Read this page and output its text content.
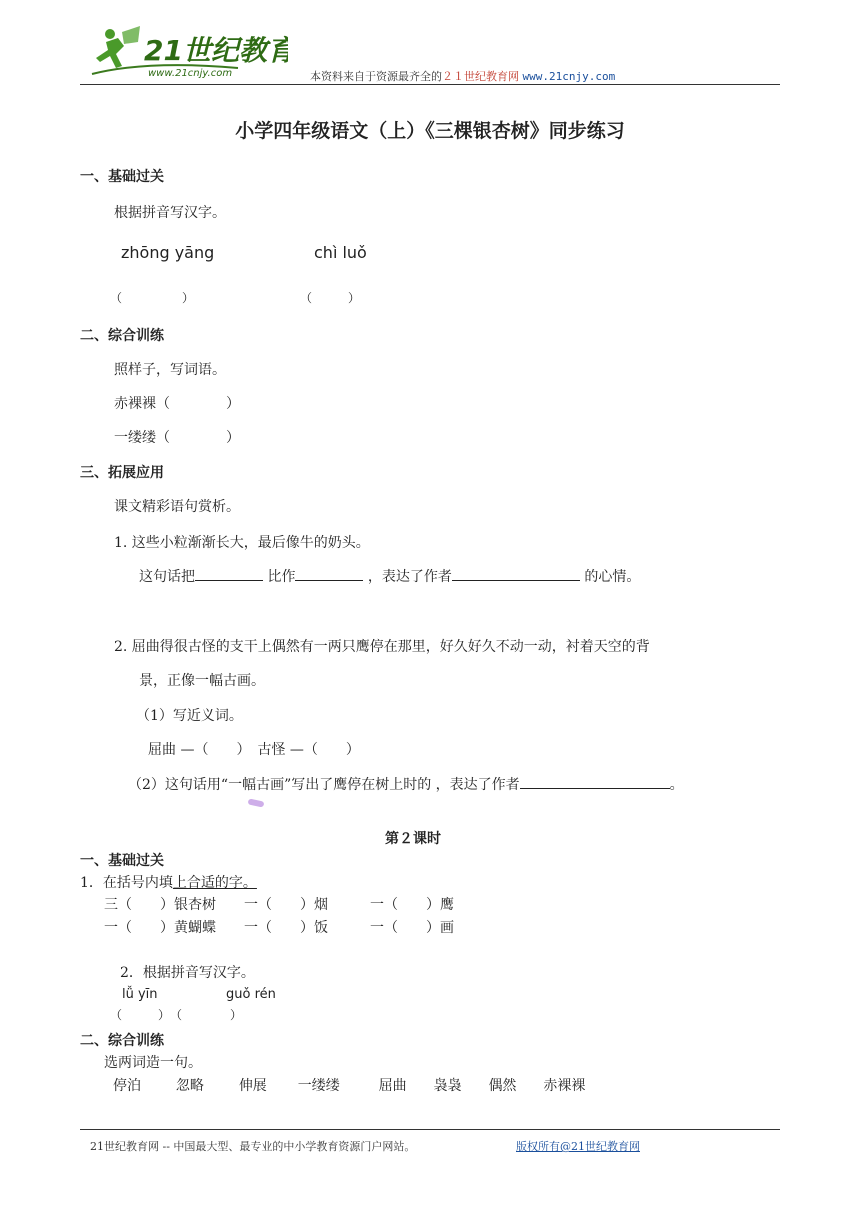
21世纪教育
www.21cnjy.com	本资料来自于资源最齐全的２１世纪教育网 www.21cnjy.com
小学四年级语文（上）《三棵银杏树》同步练习
一、基础过关
根据拼音写汉字。
zhōng yāng	chì luǒ
（　　　　　）	（　　　）
二、综合训练
照样子，写词语。
赤裸裸（　　　　）
一缕缕（　　　　）
三、拓展应用
课文精彩语句赏析。
1. 这些小粒渐渐长大，最后像牛的奶头。
这句话把	比作	，表达了作者	的心情。
2. 屈曲得很古怪的支干上偶然有一两只鹰停在那里，好久好久不动一动，衬着天空的背
景，正像一幅古画。
（1）写近义词。
屈曲 —（　　）　古怪 —（　　）
（2）这句话用“一幅古画”写出了鹰停在树上时的 ，表达了作者	。
第２课时
一、基础过关
1．在括号内填上合适的字。
三（　　）银杏树　　一（　　）烟　　　一（　　）鹰
一（　　）黄蝴蝶　　一（　　）饭　　　一（　　）画
2．根据拼音写汉字。
lǚ yīn	guǒ rén
（　　　）　（　　　　）
二、综合训练
选两词造一句。
停泊 忽略 伸展 一缕缕	屈曲 袅袅 偶然 赤裸裸
21世纪教育网 -- 中国最大型、最专业的中小学教育资源门户网站。	版权所有@21世纪教育网
